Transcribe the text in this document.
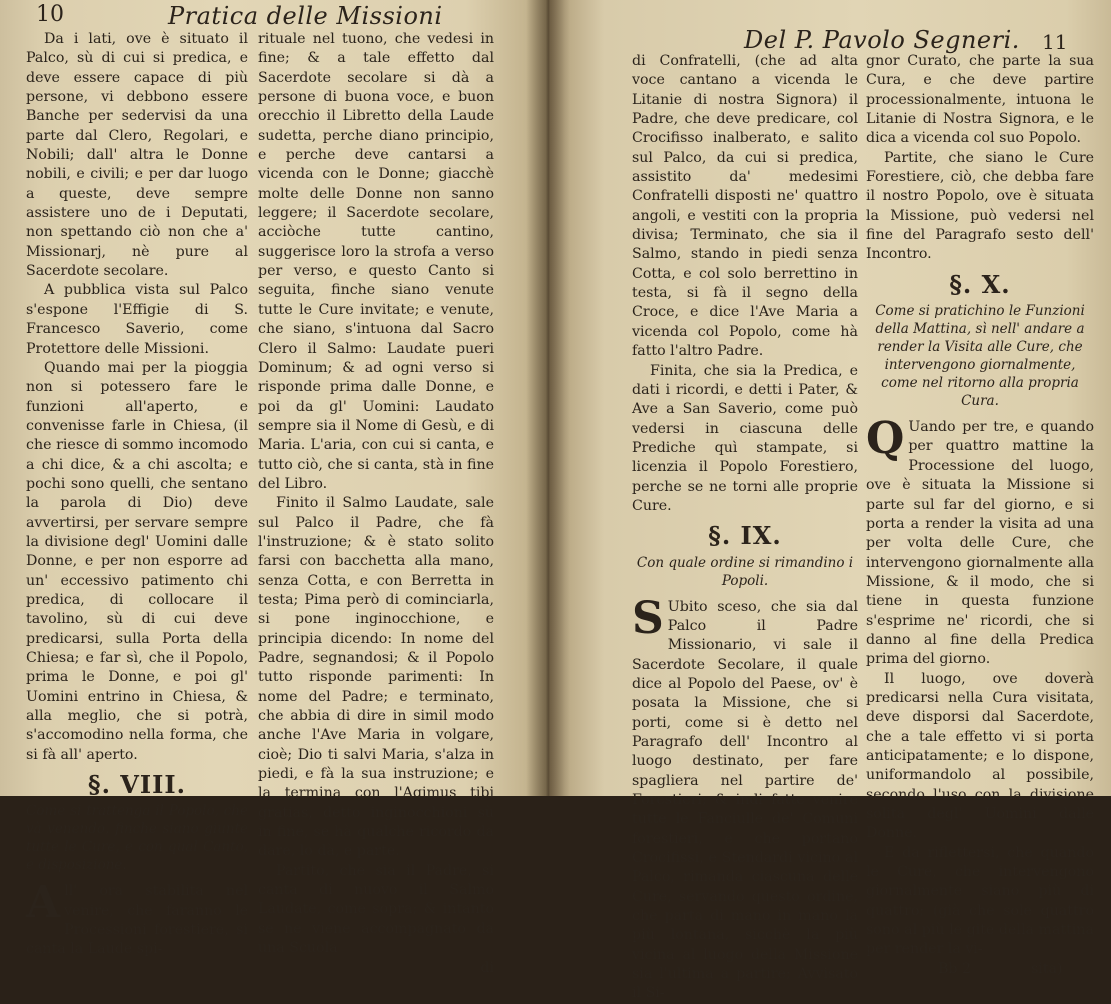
10	Pratica delle Missioni

Da i lati, ove è situato il Palco, sù di cui si predica, e deve essere capace di più persone, vi debbono essere Banche per sedervisi da una parte dal Clero, Regolari, e Nobili; dall' altra le Donne nobili, e civili; e per dar luogo a queste, deve sempre assistere uno de i Deputati, non spettando ciò non che a' Missionarj, nè pure al Sacerdote secolare.

A pubblica vista sul Palco s'espone l'Effigie di S. Francesco Saverio, come Protettore delle Missioni.

Quando mai per la pioggia non si potessero fare le funzioni all'aperto, e convenisse farle in Chiesa, (il che riesce di sommo incomodo a chi dice, & a chi ascolta; e pochi sono quelli, che sentano la parola di Dio) deve avvertirsi, per servare sempre la divisione degl' Uomini dalle Donne, e per non esporre ad un' eccessivo patimento chi predica, di collocare il tavolino, sù di cui deve predicarsi, sulla Porta della Chiesa; e far sì, che il Popolo, prima le Donne, e poi gl' Uomini entrino in Chiesa, & alla meglio, che si potrà, s'accomodino nella forma, che si fà all' aperto.

§. VIII.
Come si trattenga il Popolo, che và venendo, finche siano giunte tutte le Cure, e con qual Canto, e disposizione.

All' ora stabilita nel venire, che faranno le Processioni forestiere, si canta la Laude spi-

rituale nel tuono, che vedesi in fine; & a tale effetto dal Sacerdote secolare si dà a persone di buona voce, e buon orecchio il Libretto della Laude sudetta, perche diano principio, e perche deve cantarsi a vicenda con le Donne; giacchè molte delle Donne non sanno leggere; il Sacerdote secolare, acciòche tutte cantino, suggerisce loro la strofa a verso per verso, e questo Canto si seguita, finche siano venute tutte le Cure invitate; e venute, che siano, s'intuona dal Sacro Clero il Salmo: Laudate pueri Dominum; & ad ogni verso si risponde prima dalle Donne, e poi da gl' Uomini: Laudato sempre sia il Nome di Gesù, e di Maria. L'aria, con cui si canta, e tutto ciò, che si canta, stà in fine del Libro.

Finito il Salmo Laudate, sale sul Palco il Padre, che fà l'instruzione; & è stato solito farsi con bacchetta alla mano, senza Cotta, e con Berretta in testa; Pima però di cominciarla, si pone inginocchione, e principia dicendo: In nome del Padre, segnandosi; & il Popolo tutto risponde parimenti: In nome del Padre; e terminato, che abbia di dire in simil modo anche l'Ave Maria in volgare, cioè; Dio ti salvi Maria, s'alza in piedi, e fà la sua instruzione; e la termina con l'Agimus tibi gratias, detto inginocchioni sù in fine, se hà qualche ricordo da dare, lo dà, e parte.

Partito, che sia il Padre, si canta di nuovo il Salmo Laudate, come sopra; & intanto se ne viene accompagnato da una Scuola

di

Del P. Pavolo Segneri. 11

di Confratelli, (che ad alta voce cantano a vicenda le Litanie di nostra Signora) il Padre, che deve predicare, col Crocifisso inalberato, e salito sul Palco, da cui si predica, assistito da' medesimi Confratelli disposti ne' quattro angoli, e vestiti con la propria divisa; Terminato, che sia il Salmo, stando in piedi senza Cotta, e col solo berrettino in testa, si fà il segno della Croce, e dice l'Ave Maria a vicenda col Popolo, come hà fatto l'altro Padre.

Finita, che sia la Predica, e dati i ricordi, e detti i Pater, & Ave a San Saverio, come può vedersi in ciascuna delle Prediche quì stampate, si licenzia il Popolo Forestiero, perche se ne torni alle proprie Cure.

§. IX.
Con quale ordine si rimandino i Popoli.

S Ubito sceso, che sia dal Palco il Padre Missionario, vi sale il Sacerdote Secolare, il quale dice al Popolo del Paese, ov' è posata la Missione, che si porti, come si è detto nel Paragrafo dell' Incontro al luogo destinato, per fare spagliera nel partire de' Forestieri; & indi fatte venire tutte le Fanciulle de' Comuni forestieri, e che portano Crocifissi, e Stendardi vicino al Palco, rimanda ciascuna delle Cure, servando questo ordine, che parta di mano in mano la più lontana, sicchè la più vicina al luogo della Missione sia l'ultima a partire; Avvisato il Si-

gnor Curato, che parte la sua Cura, e che deve partire processionalmente, intuona le Litanie di Nostra Signora, e le dica a vicenda col suo Popolo.

Partite, che siano le Cure Forestiere, ciò, che debba fare il nostro Popolo, ove è situata la Missione, può vedersi nel fine del Paragrafo sesto dell' Incontro.

§. X.
Come si pratichino le Funzioni della Mattina, sì nell' andare a render la Visita alle Cure, che intervengono giornalmente, come nel ritorno alla propria Cura.

Q Uando per tre, e quando per quattro mattine la Processione del luogo, ove è situata la Missione si parte sul far del giorno, e si porta a render la visita ad una per volta delle Cure, che intervengono giornalmente alla Missione, & il modo, che si tiene in questa funzione s'esprime ne' ricordi, che si danno al fine della Predica prima del giorno.

Il luogo, ove doverà predicarsi nella Cura visitata, deve disporsi dal Sacerdote, che a tale effetto vi si porta anticipatamente; e lo dispone, uniformandolo al possibile, secondo l'uso con la divisione solita degl' Uomini dalle Donne.

E da riflettersi, che quando le Cure, che intervengono giornalmente siano più di quattro; (già che sole quattro sono al più le gite della mattina per render la vi-

Bb 2	sita)
